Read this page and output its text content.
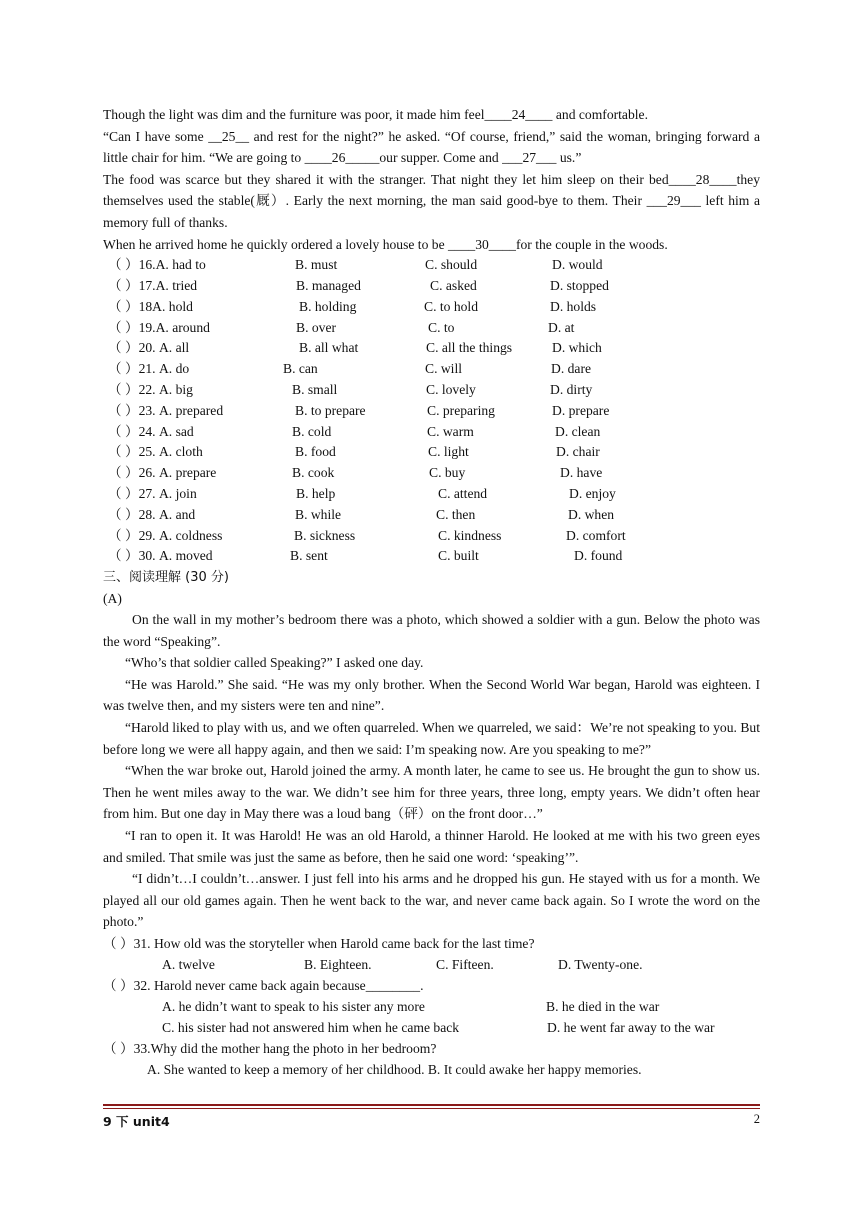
Though the light was dim and the furniture was poor, it made him feel____24____ and comfortable.

“Can I have some __25__ and rest for the night?” he asked. “Of course, friend,” said the woman, bringing forward a little chair for him. “We are going to ____26_____our supper. Come and ___27___ us.”

The food was scarce but they shared it with the stranger. That night they let him sleep on their bed____28____they themselves used the stable(厩）. Early the next morning, the man said good-bye to them. Their ___29___ left him a memory full of thanks.

When he arrived home he quickly ordered a lovely house to be ____30____for the couple in the woods.

（ ）16.A. had to	B. must	C. should	D. would
（ ）17.A. tried	B. managed	C. asked	D. stopped
（ ）18A. hold	B. holding	C. to hold	D. holds
（ ）19.A. around	B. over	C. to	D. at
（ ）20. A. all	B. all what	C. all the things	D. which
（ ）21. A. do	B. can	C. will	D. dare
（ ）22. A. big	B. small	C. lovely	D. dirty
（ ）23. A. prepared	B. to prepare	C. preparing	D. prepare
（ ）24. A. sad	B. cold	C. warm	D. clean
（ ）25. A. cloth	B. food	C. light	D. chair
（ ）26. A. prepare	B. cook	C. buy	D. have
（ ）27. A. join	B. help	C. attend	D. enjoy
（ ）28. A. and	B. while	C. then	D. when
（ ）29. A. coldness	B. sickness	C. kindness	D. comfort
（ ）30. A. moved	B. sent	C. built	D. found

三、阅读理解 (30 分)

(A)

On the wall in my mother’s bedroom there was a photo, which showed a soldier with a gun. Below the photo was the word “Speaking”.

“Who’s that soldier called Speaking?” I asked one day.

“He was Harold.” She said. “He was my only brother. When the Second World War began, Harold was eighteen. I was twelve then, and my sisters were ten and nine”.

“Harold liked to play with us, and we often quarreled. When we quarreled, we said：We’re not speaking to you. But before long we were all happy again, and then we said: I’m speaking now. Are you speaking to me?”

“When the war broke out, Harold joined the army. A month later, he came to see us. He brought the gun to show us. Then he went miles away to the war. We didn’t see him for three years, three long, empty years. We didn’t often hear from him. But one day in May there was a loud bang（砰）on the front door…”

“I ran to open it. It was Harold! He was an old Harold, a thinner Harold. He looked at me with his two green eyes and smiled. That smile was just the same as before, then he said one word: ‘speaking’”.

“I didn’t…I couldn’t…answer. I just fell into his arms and he dropped his gun. He stayed with us for a month. We played all our old games again. Then he went back to the war, and never came back again. So I wrote the word on the photo.”

（ ）31. How old was the storyteller when Harold came back for the last time?

A. twelve	B. Eighteen.	C. Fifteen.	D. Twenty-one.

（ ）32. Harold never came back again because________.

A. he didn’t want to speak to his sister any more	B. he died in the war
C. his sister had not answered him when he came back	D. he went far away to the war

（ ）33.Why did the mother hang the photo in her bedroom?

A. She wanted to keep a memory of her childhood. B. It could awake her happy memories.
9 下 unit4	2
